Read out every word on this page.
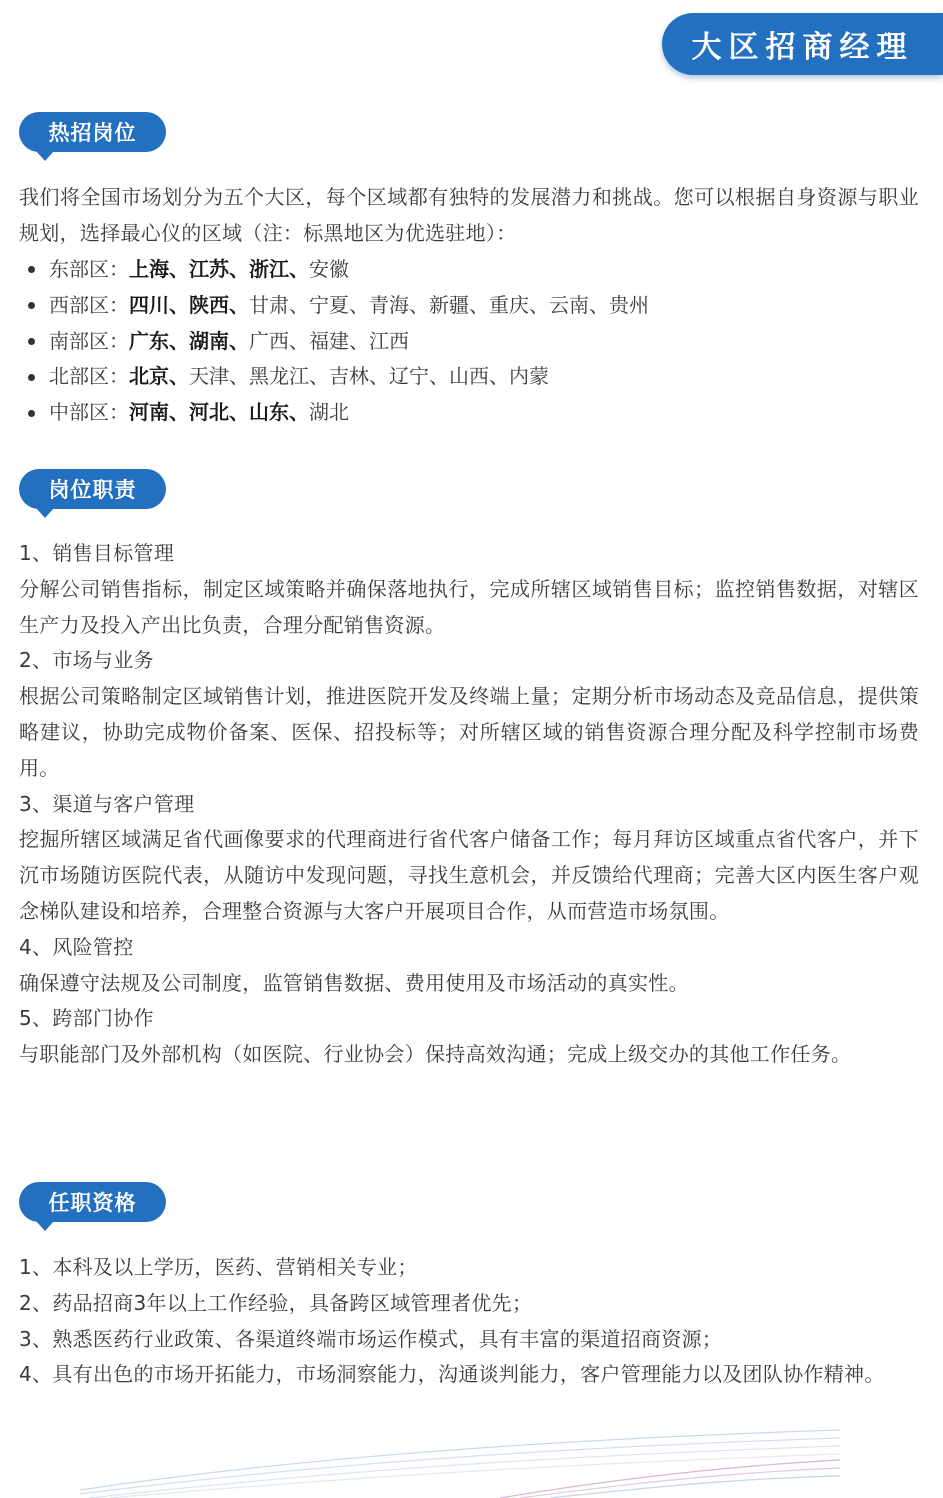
大区招商经理
热招岗位

我们将全国市场划分为五个大区，每个区域都有独特的发展潜力和挑战。您可以根据自身资源与职业规划，选择最心仪的区域（注：标黑地区为优选驻地）：

东部区： 上海、江苏、浙江、 安徽
西部区： 四川、陕西、 甘肃、宁夏、青海、新疆、重庆、云南、贵州
南部区： 广东、湖南、 广西、福建、江西
北部区： 北京、 天津、黑龙江、吉林、辽宁、山西、内蒙
中部区： 河南、河北、山东、 湖北
岗位职责

1、销售目标管理

分解公司销售指标，制定区域策略并确保落地执行，完成所辖区域销售目标；监控销售数据，对辖区生产力及投入产出比负责，合理分配销售资源。

2、市场与业务

根据公司策略制定区域销售计划，推进医院开发及终端上量；定期分析市场动态及竞品信息，提供策略建议，协助完成物价备案、医保、招投标等；对所辖区域的销售资源合理分配及科学控制市场费用。

3、渠道与客户管理

挖掘所辖区域满足省代画像要求的代理商进行省代客户储备工作；每月拜访区域重点省代客户，并下沉市场随访医院代表，从随访中发现问题，寻找生意机会，并反馈给代理商；完善大区内医生客户观念梯队建设和培养，合理整合资源与大客户开展项目合作，从而营造市场氛围。

4、风险管控

确保遵守法规及公司制度，监管销售数据、费用使用及市场活动的真实性。

5、跨部门协作

与职能部门及外部机构（如医院、行业协会）保持高效沟通；完成上级交办的其他工作任务。

任职资格

1、本科及以上学历，医药、营销相关专业；

2、药品招商3年以上工作经验，具备跨区域管理者优先；

3、熟悉医药行业政策、各渠道终端市场运作模式，具有丰富的渠道招商资源；

4、具有出色的市场开拓能力，市场洞察能力，沟通谈判能力，客户管理能力以及团队协作精神。
